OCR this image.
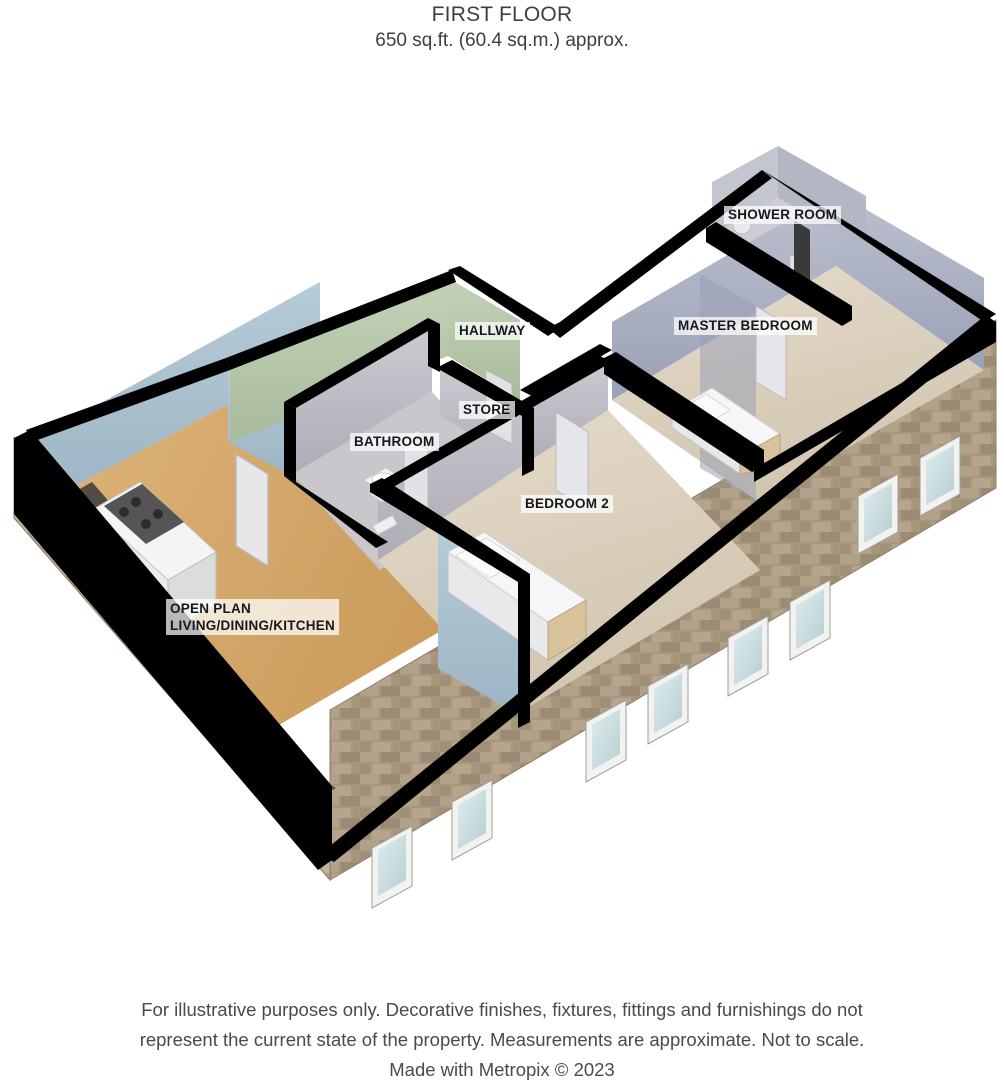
FIRST FLOOR
650 sq.ft. (60.4 sq.m.) approx.
SHOWER ROOM
MASTER BEDROOM
HALLWAY
STORE
BATHROOM
BEDROOM 2
OPEN PLAN
LIVING/DINING/KITCHEN
For illustrative purposes only. Decorative finishes, fixtures, fittings and furnishings do not
represent the current state of the property. Measurements are approximate. Not to scale.
Made with Metropix © 2023
